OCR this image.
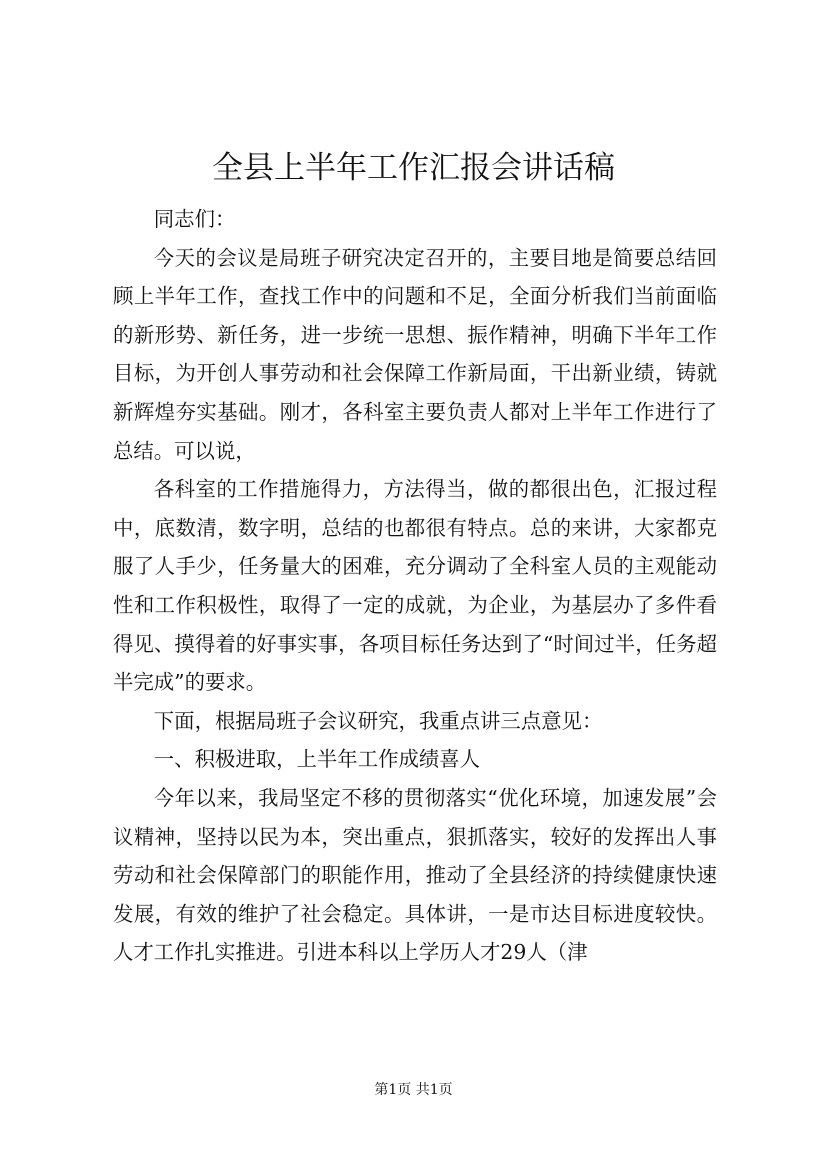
全县上半年工作汇报会讲话稿

同志们：

今天的会议是局班子研究决定召开的，主要目地是简要总结回顾上半年工作，查找工作中的问题和不足，全面分析我们当前面临的新形势、新任务，进一步统一思想、振作精神，明确下半年工作目标，为开创人事劳动和社会保障工作新局面，干出新业绩，铸就新辉煌夯实基础。刚才，各科室主要负责人都对上半年工作进行了总结。可以说，

各科室的工作措施得力，方法得当，做的都很出色，汇报过程中，底数清，数字明，总结的也都很有特点。总的来讲，大家都克服了人手少，任务量大的困难，充分调动了全科室人员的主观能动性和工作积极性，取得了一定的成就，为企业，为基层办了多件看得见、摸得着的好事实事，各项目标任务达到了“时间过半，任务超半完成”的要求。

下面，根据局班子会议研究，我重点讲三点意见：

一、积极进取，上半年工作成绩喜人

今年以来，我局坚定不移的贯彻落实“优化环境，加速发展”会议精神，坚持以民为本，突出重点，狠抓落实，较好的发挥出人事劳动和社会保障部门的职能作用，推动了全县经济的持续健康快速发展，有效的维护了社会稳定。具体讲，一是市达目标进度较快。人才工作扎实推进。引进本科以上学历人才29人（津

第1页 共1页
